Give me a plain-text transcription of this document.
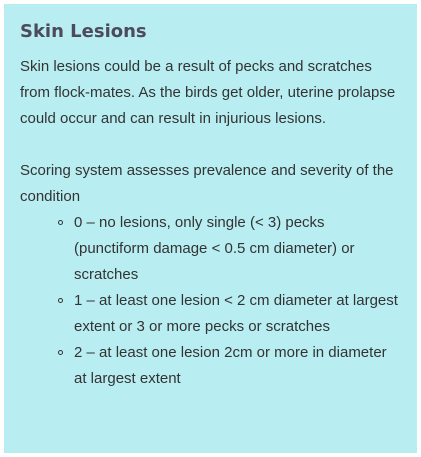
Skin Lesions

Skin lesions could be a result of pecks and scratches from flock-mates. As the birds get older, uterine prolapse could occur and can result in injurious lesions.

Scoring system assesses prevalence and severity of the condition

0 – no lesions, only single (< 3) pecks (punctiform damage < 0.5 cm diameter) or scratches
1 – at least one lesion < 2 cm diameter at largest extent or 3 or more pecks or scratches
2 – at least one lesion 2cm or more in diameter at largest extent
